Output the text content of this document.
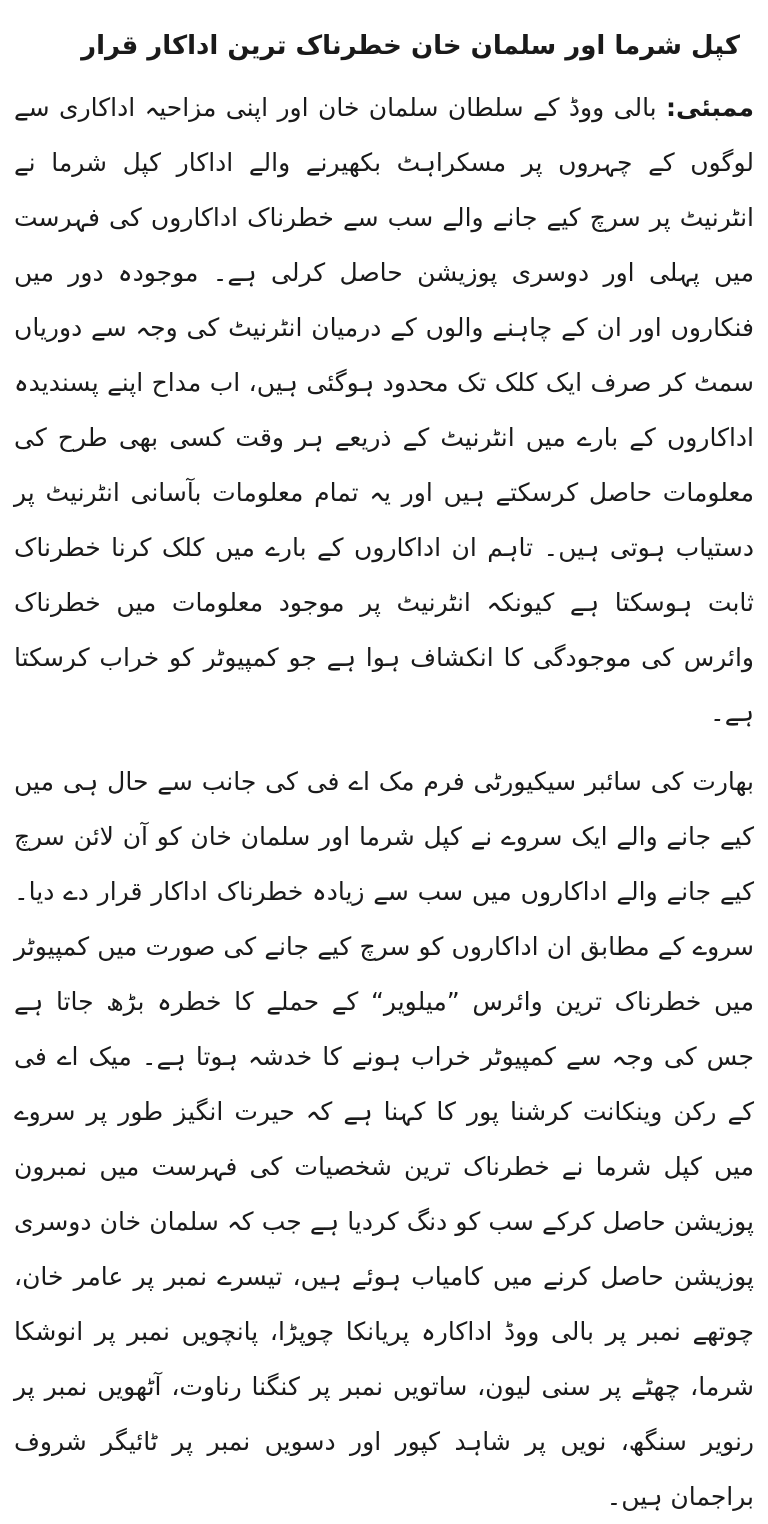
کپل شرما اور سلمان خان خطرناک ترین اداکار قرار

ممبئی: بالی ووڈ کے سلطان سلمان خان اور اپنی مزاحیہ اداکاری سے لوگوں کے چہروں پر مسکراہٹ بکھیرنے والے اداکار کپل شرما نے انٹرنیٹ پر سرچ کیے جانے والے سب سے خطرناک اداکاروں کی فہرست میں پہلی اور دوسری پوزیشن حاصل کرلی ہے۔ موجودہ دور میں فنکاروں اور ان کے چاہنے والوں کے درمیان انٹرنیٹ کی وجہ سے دوریاں سمٹ کر صرف ایک کلک تک محدود ہوگئی ہیں، اب مداح اپنے پسندیدہ اداکاروں کے بارے میں انٹرنیٹ کے ذریعے ہر وقت کسی بھی طرح کی معلومات حاصل کرسکتے ہیں اور یہ تمام معلومات بآسانی انٹرنیٹ پر دستیاب ہوتی ہیں۔ تاہم ان اداکاروں کے بارے میں کلک کرنا خطرناک ثابت ہوسکتا ہے کیونکہ انٹرنیٹ پر موجود معلومات میں خطرناک وائرس کی موجودگی کا انکشاف ہوا ہے جو کمپیوٹر کو خراب کرسکتا ہے۔

بھارت کی سائبر سیکیورٹی فرم مک اے فی کی جانب سے حال ہی میں کیے جانے والے ایک سروے نے کپل شرما اور سلمان خان کو آن لائن سرچ کیے جانے والے اداکاروں میں سب سے زیادہ خطرناک اداکار قرار دے دیا۔ سروے کے مطابق ان اداکاروں کو سرچ کیے جانے کی صورت میں کمپیوٹر میں خطرناک ترین وائرس ”میلویر“ کے حملے کا خطرہ بڑھ جاتا ہے جس کی وجہ سے کمپیوٹر خراب ہونے کا خدشہ ہوتا ہے۔ میک اے فی کے رکن وینکانت کرشنا پور کا کہنا ہے کہ حیرت انگیز طور پر سروے میں کپل شرما نے خطرناک ترین شخصیات کی فہرست میں نمبرون پوزیشن حاصل کرکے سب کو دنگ کردیا ہے جب کہ سلمان خان دوسری پوزیشن حاصل کرنے میں کامیاب ہوئے ہیں، تیسرے نمبر پر عامر خان، چوتھے نمبر پر بالی ووڈ اداکارہ پریانکا چوپڑا، پانچویں نمبر پر انوشکا شرما، چھٹے پر سنی لیون، ساتویں نمبر پر کنگنا رناوت، آٹھویں نمبر پر رنویر سنگھ، نویں پر شاہد کپور اور دسویں نمبر پر ٹائیگر شروف براجمان ہیں۔
